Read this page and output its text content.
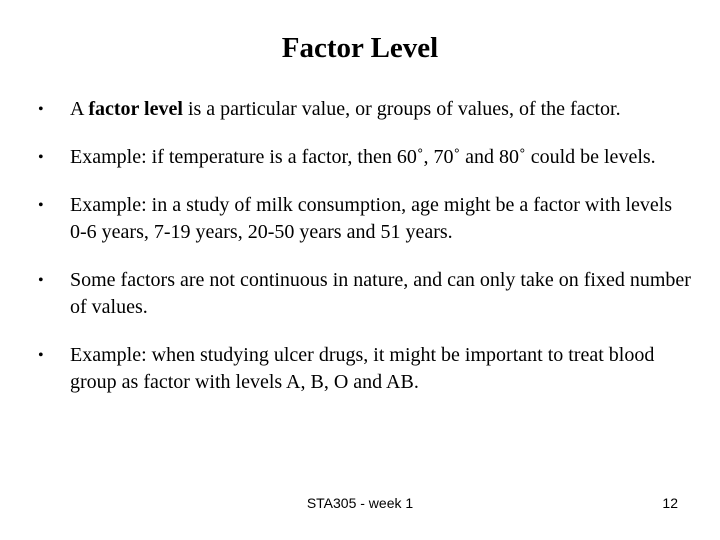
Factor Level
• A factor level is a particular value, or groups of values, of the factor.
• Example: if temperature is a factor, then 60˚, 70˚ and 80˚ could be levels.
• Example: in a study of milk consumption, age might be a factor with levels 0-6 years, 7-19 years, 20-50 years and 51 years.
• Some factors are not continuous in nature, and can only take on fixed number of values.
• Example: when studying ulcer drugs, it might be important to treat blood group as factor with levels A, B, O and AB.
STA305 - week 1	12
